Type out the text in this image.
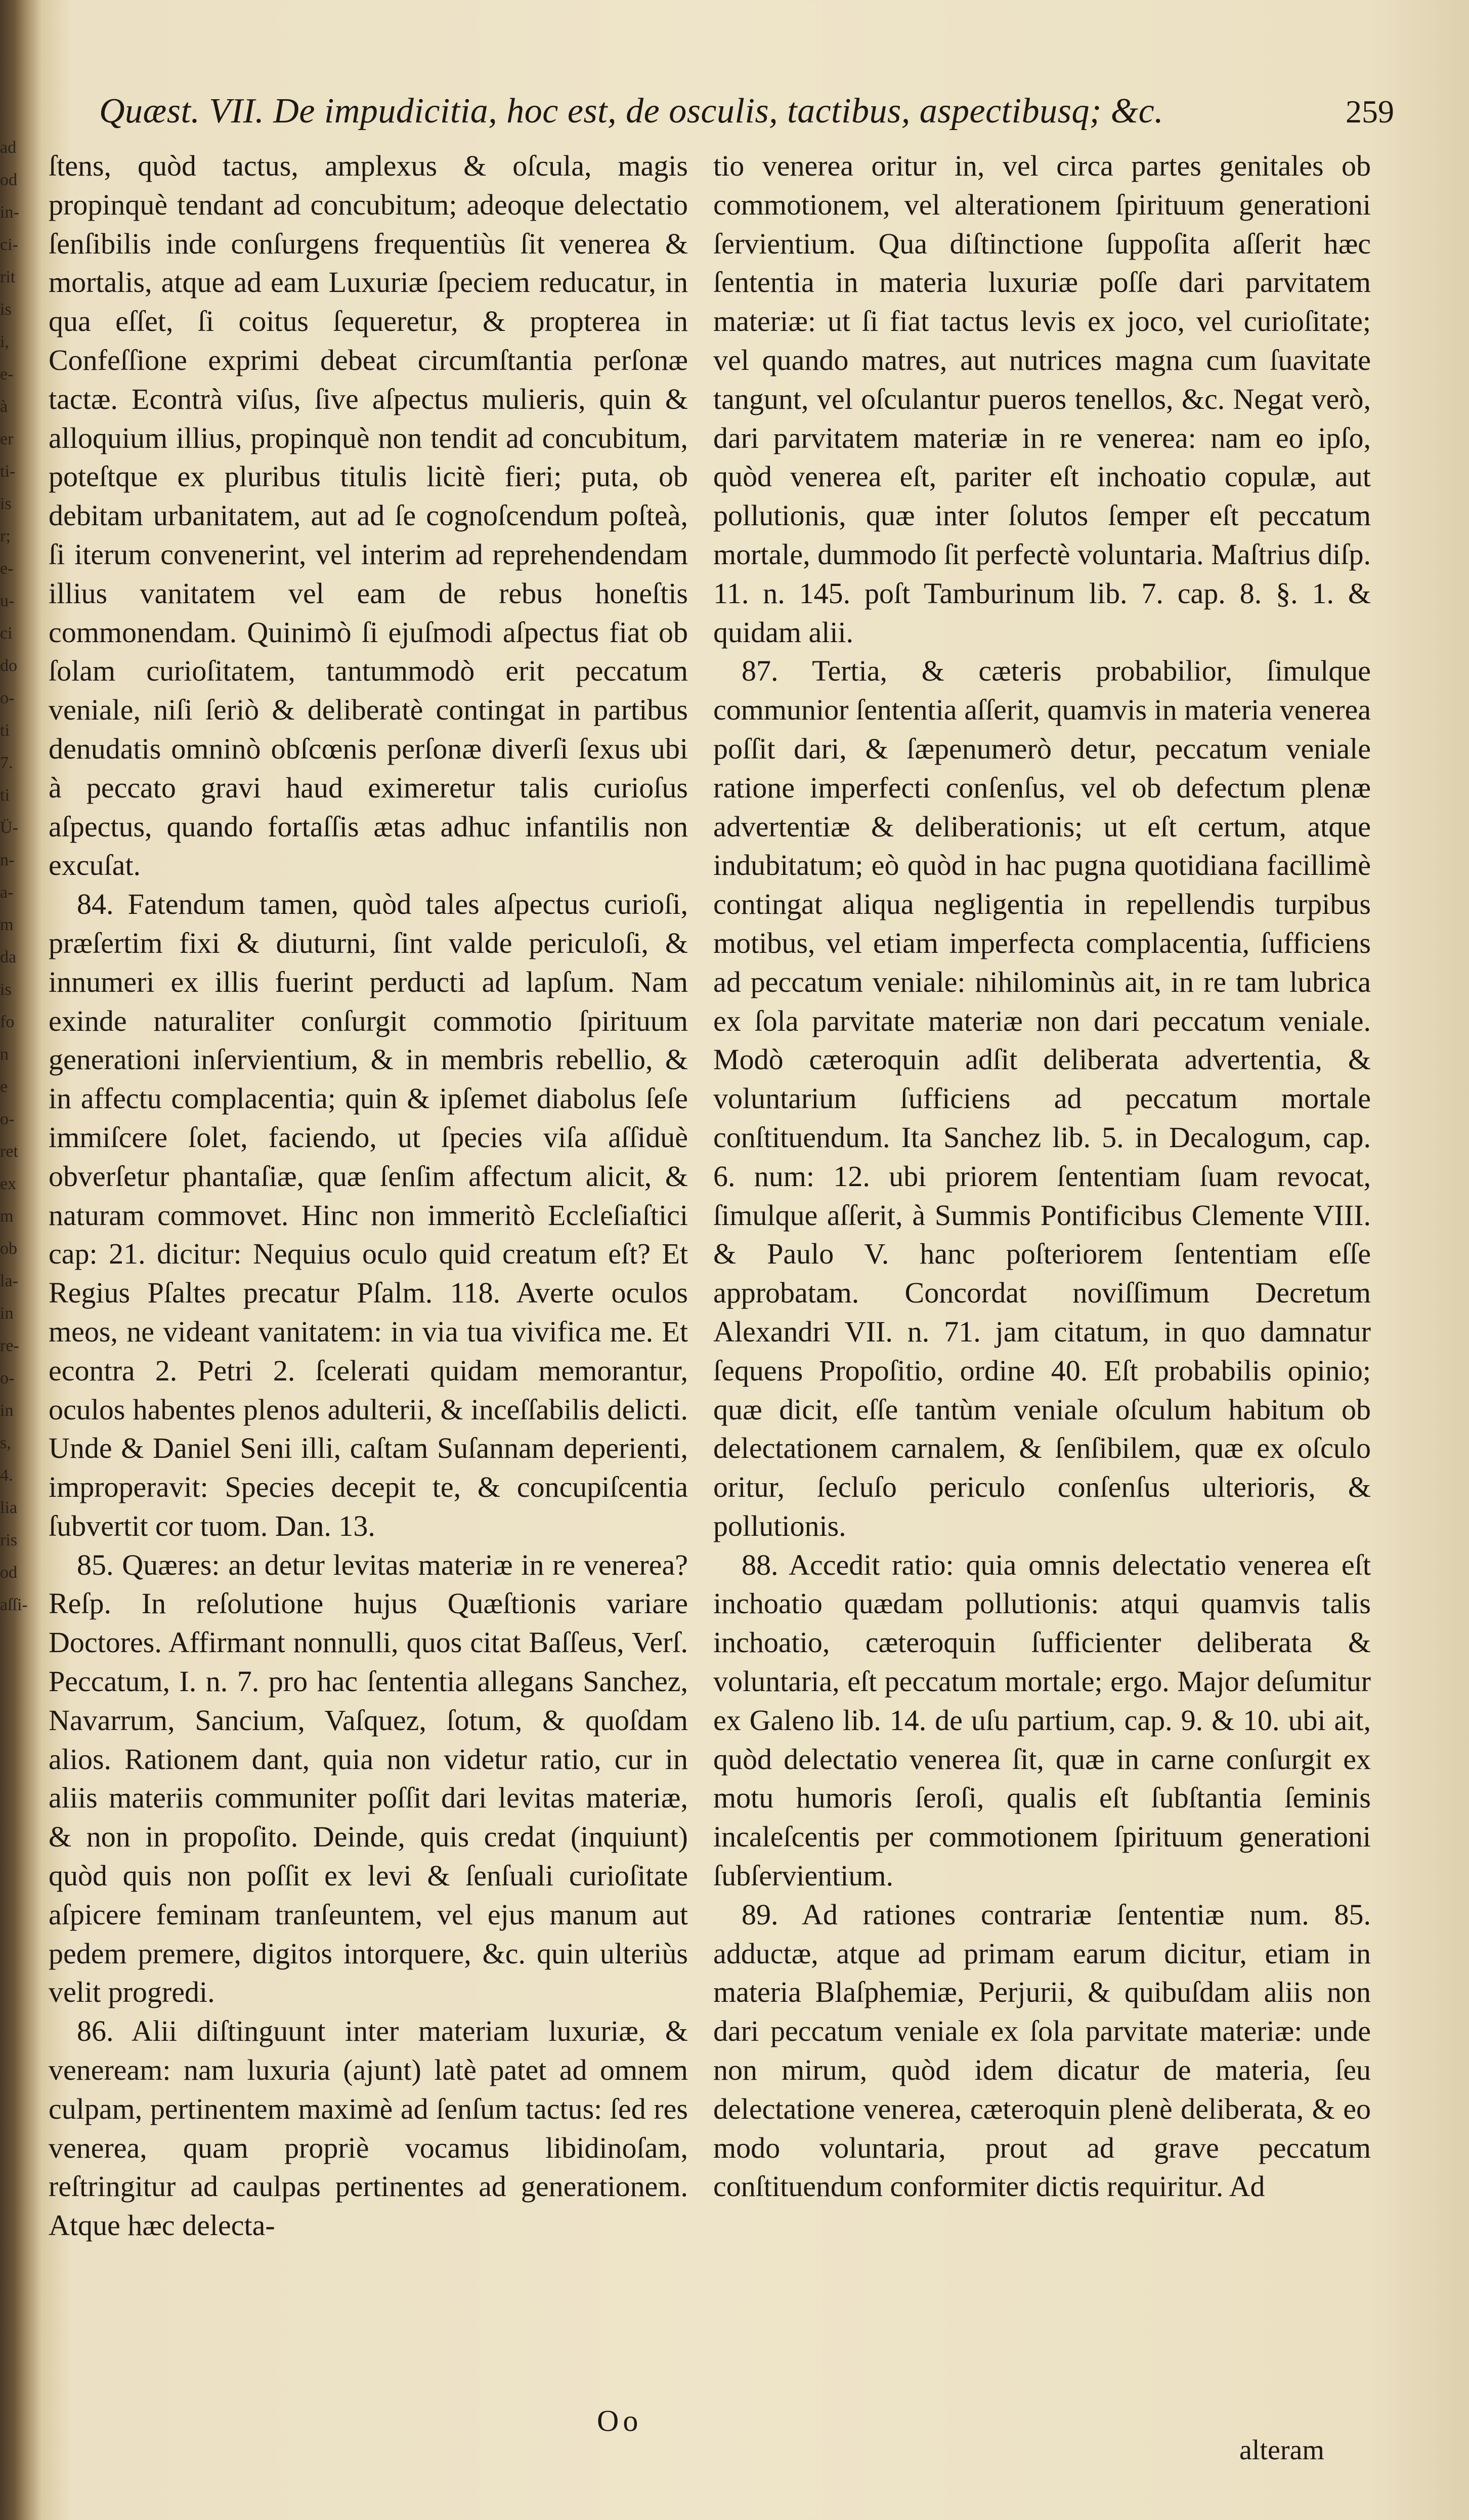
ad
od
in-
ci-
rit
is
i,
e-
à
er
ti-
is
r;
e-
u-
ci
do
o-
ti
7.
ti
Ü-
n-
a-
m
da
is
fo
n
e
o-
ret
ex
m
ob
la-
in
re-
o-
in
s,
4.
lia
ris
od
aſſi-
Quæst. VII. De impudicitia, hoc est, de osculis, tactibus, aspectibusq; &c.	259

ſtens, quòd tactus, amplexus & oſcula, magis propinquè tendant ad concubitum; adeoque delectatio ſenſibilis inde conſurgens frequentiùs ſit venerea & mortalis, atque ad eam Luxuriæ ſpeciem reducatur, in qua eſſet, ſi coitus ſequeretur, & propterea in Confeſſione exprimi debeat circumſtantia perſonæ tactæ. Econtrà viſus, ſive aſpectus mulieris, quin & alloquium illius, propinquè non tendit ad concubitum, poteſtque ex pluribus titulis licitè fieri; puta, ob debitam urbanitatem, aut ad ſe cognoſcendum poſteà, ſi iterum convenerint, vel interim ad reprehendendam illius vanitatem vel eam de rebus honeſtis commonendam. Quinimò ſi ejuſmodi aſpectus fiat ob ſolam curioſitatem, tantummodò erit peccatum veniale, niſi ſeriò & deliberatè contingat in partibus denudatis omninò obſcœnis perſonæ diverſi ſexus ubi à peccato gravi haud eximeretur talis curioſus aſpectus, quando fortaſſis ætas adhuc infantilis non excuſat.

84. Fatendum tamen, quòd tales aſpectus curioſi, præſertim fixi & diuturni, ſint valde periculoſi, & innumeri ex illis fuerint perducti ad lapſum. Nam exinde naturaliter conſurgit commotio ſpirituum generationi inſervientium, & in membris rebellio, & in affectu complacentia; quin & ipſemet diabolus ſeſe immiſcere ſolet, faciendo, ut ſpecies viſa aſſiduè obverſetur phantaſiæ, quæ ſenſim affectum alicit, & naturam commovet. Hinc non immeritò Eccleſiaſtici cap: 21. dicitur: Nequius oculo quid creatum eſt? Et Regius Pſaltes precatur Pſalm. 118. Averte oculos meos, ne videant vanitatem: in via tua vivifica me. Et econtra 2. Petri 2. ſcelerati quidam memorantur, oculos habentes plenos adulterii, & inceſſabilis delicti. Unde & Daniel Seni illi, caſtam Suſannam deperienti, improperavit: Species decepit te, & concupiſcentia ſubvertit cor tuom. Dan. 13.

85. Quæres: an detur levitas materiæ in re venerea? Reſp. In reſolutione hujus Quæſtionis variare Doctores. Affirmant nonnulli, quos citat Baſſeus, Verſ. Peccatum, I. n. 7. pro hac ſententia allegans Sanchez, Navarrum, Sancium, Vaſquez, ſotum, & quoſdam alios. Rationem dant, quia non videtur ratio, cur in aliis materiis communiter poſſit dari levitas materiæ, & non in propoſito. Deinde, quis credat (inquiunt) quòd quis non poſſit ex levi & ſenſuali curioſitate aſpicere feminam tranſeuntem, vel ejus manum aut pedem premere, digitos intorquere, &c. quin ulteriùs velit progredi.

86. Alii diſtinguunt inter materiam luxuriæ, & veneream: nam luxuria (ajunt) latè patet ad omnem culpam, pertinentem maximè ad ſenſum tactus: ſed res venerea, quam propriè vocamus libidinoſam, reſtringitur ad caulpas pertinentes ad generationem. Atque hæc delecta-

tio venerea oritur in, vel circa partes genitales ob commotionem, vel alterationem ſpirituum generationi ſervientium. Qua diſtinctione ſuppoſita aſſerit hæc ſententia in materia luxuriæ poſſe dari parvitatem materiæ: ut ſi fiat tactus levis ex joco, vel curioſitate; vel quando matres, aut nutrices magna cum ſuavitate tangunt, vel oſculantur pueros tenellos, &c. Negat verò, dari parvitatem materiæ in re venerea: nam eo ipſo, quòd venerea eſt, pariter eſt inchoatio copulæ, aut pollutionis, quæ inter ſolutos ſemper eſt peccatum mortale, dummodo ſit perfectè voluntaria. Maſtrius diſp. 11. n. 145. poſt Tamburinum lib. 7. cap. 8. §. 1. & quidam alii.

87. Tertia, & cæteris probabilior, ſimulque communior ſententia aſſerit, quamvis in materia venerea poſſit dari, & ſæpenumerò detur, peccatum veniale ratione imperfecti conſenſus, vel ob defectum plenæ advertentiæ & deliberationis; ut eſt certum, atque indubitatum; eò quòd in hac pugna quotidiana facillimè contingat aliqua negligentia in repellendis turpibus motibus, vel etiam imperfecta complacentia, ſufficiens ad peccatum veniale: nihilominùs ait, in re tam lubrica ex ſola parvitate materiæ non dari peccatum veniale. Modò cæteroquin adſit deliberata advertentia, & voluntarium ſufficiens ad peccatum mortale conſtituendum. Ita Sanchez lib. 5. in Decalogum, cap. 6. num: 12. ubi priorem ſententiam ſuam revocat, ſimulque aſſerit, à Summis Pontificibus Clemente VIII. & Paulo V. hanc poſteriorem ſententiam eſſe approbatam. Concordat noviſſimum Decretum Alexandri VII. n. 71. jam citatum, in quo damnatur ſequens Propoſitio, ordine 40. Eſt probabilis opinio; quæ dicit, eſſe tantùm veniale oſculum habitum ob delectationem carnalem, & ſenſibilem, quæ ex oſculo oritur, ſecluſo periculo conſenſus ulterioris, & pollutionis.

88. Accedit ratio: quia omnis delectatio venerea eſt inchoatio quædam pollutionis: atqui quamvis talis inchoatio, cæteroquin ſufficienter deliberata & voluntaria, eſt peccatum mortale; ergo. Major deſumitur ex Galeno lib. 14. de uſu partium, cap. 9. & 10. ubi ait, quòd delectatio venerea ſit, quæ in carne conſurgit ex motu humoris ſeroſi, qualis eſt ſubſtantia ſeminis incaleſcentis per commotionem ſpirituum generationi ſubſervientium.

89. Ad rationes contrariæ ſententiæ num. 85. adductæ, atque ad primam earum dicitur, etiam in materia Blaſphemiæ, Perjurii, & quibuſdam aliis non dari peccatum veniale ex ſola parvitate materiæ: unde non mirum, quòd idem dicatur de materia, ſeu delectatione venerea, cæteroquin plenè deliberata, & eo modo voluntaria, prout ad grave peccatum conſtituendum conformiter dictis requiritur. Ad

Oo
alteram
